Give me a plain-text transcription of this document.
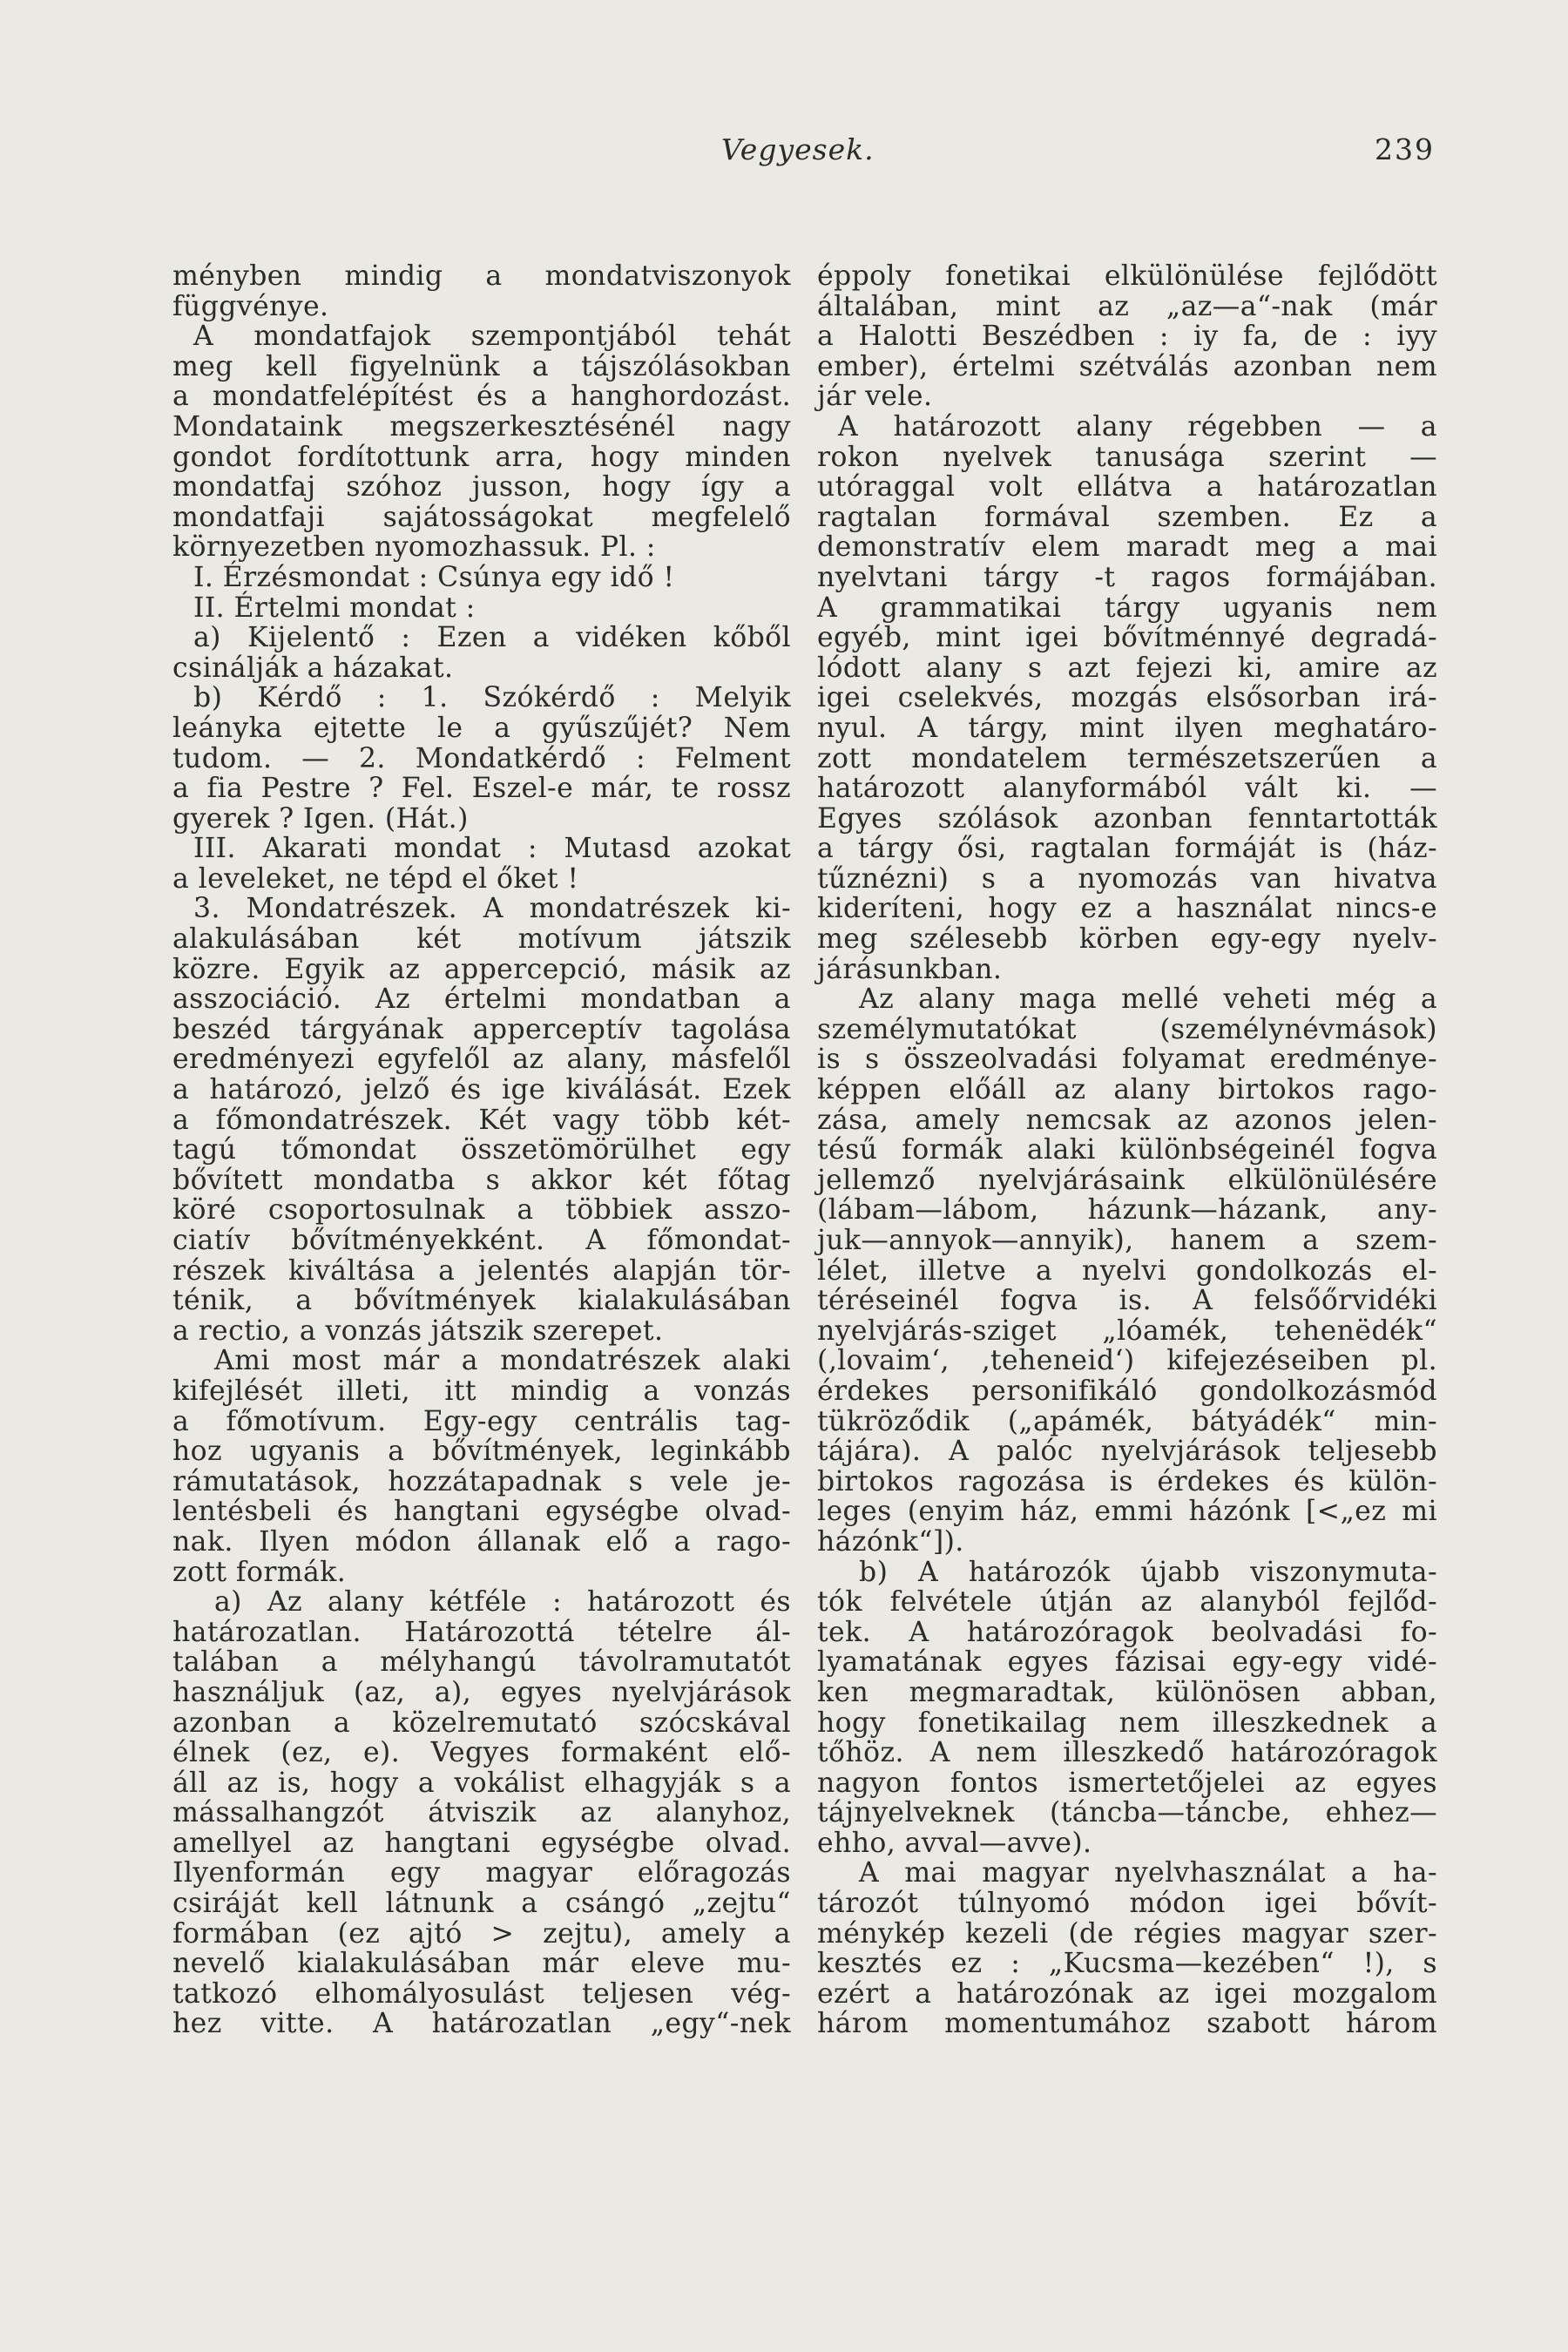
Vegyesek.	239
ményben mindig a mondatviszonyok
függvénye.
A mondatfajok szempontjából tehát
meg kell figyelnünk a tájszólásokban
a mondatfelépítést és a hanghordozást.
Mondataink megszerkesztésénél nagy
gondot fordítottunk arra, hogy minden
mondatfaj szóhoz jusson, hogy így a
mondatfaji sajátosságokat megfelelő
környezetben nyomozhassuk. Pl. :
I. Érzésmondat : Csúnya egy idő !
II. Értelmi mondat :
a) Kijelentő : Ezen a vidéken kőből
csinálják a házakat.
b) Kérdő : 1. Szókérdő : Melyik
leányka ejtette le a gyűszűjét? Nem
tudom. — 2. Mondatkérdő : Felment
a fia Pestre ? Fel. Eszel-e már, te rossz
gyerek ? Igen. (Hát.)
III. Akarati mondat : Mutasd azokat
a leveleket, ne tépd el őket !
3. Mondatrészek. A mondatrészek ki-
alakulásában két motívum játszik
közre. Egyik az appercepció, másik az
asszociáció. Az értelmi mondatban a
beszéd tárgyának apperceptív tagolása
eredményezi egyfelől az alany, másfelől
a határozó, jelző és ige kiválását. Ezek
a főmondatrészek. Két vagy több két-
tagú tőmondat összetömörülhet egy
bővített mondatba s akkor két főtag
köré csoportosulnak a többiek asszo-
ciatív bővítményekként. A főmondat-
részek kiváltása a jelentés alapján tör-
ténik, a bővítmények kialakulásában
a rectio, a vonzás játszik szerepet.
Ami most már a mondatrészek alaki
kifejlését illeti, itt mindig a vonzás
a főmotívum. Egy-egy centrális tag-
hoz ugyanis a bővítmények, leginkább
rámutatások, hozzátapadnak s vele je-
lentésbeli és hangtani egységbe olvad-
nak. Ilyen módon állanak elő a rago-
zott formák.
a) Az alany kétféle : határozott és
határozatlan. Határozottá tételre ál-
talában a mélyhangú távolramutatót
használjuk (az, a), egyes nyelvjárások
azonban a közelremutató szócskával
élnek (ez, e). Vegyes formaként elő-
áll az is, hogy a vokálist elhagyják s a
mássalhangzót átviszik az alanyhoz,
amellyel az hangtani egységbe olvad.
Ilyenformán egy magyar előragozás
csiráját kell látnunk a csángó „zejtu“
formában (ez ajtó > zejtu), amely a
nevelő kialakulásában már eleve mu-
tatkozó elhomályosulást teljesen vég-
hez vitte. A határozatlan „egy“-nek
éppoly fonetikai elkülönülése fejlődött
általában, mint az „az—a“-nak (már
a Halotti Beszédben : iy fa, de : iyy
ember), értelmi szétválás azonban nem
jár vele.
A határozott alany régebben — a
rokon nyelvek tanusága szerint —
utóraggal volt ellátva a határozatlan
ragtalan formával szemben. Ez a
demonstratív elem maradt meg a mai
nyelvtani tárgy -t ragos formájában.
A grammatikai tárgy ugyanis nem
egyéb, mint igei bővítménnyé degradá-
lódott alany s azt fejezi ki, amire az
igei cselekvés, mozgás elsősorban irá-
nyul. A tárgy, mint ilyen meghatáro-
zott mondatelem természetszerűen a
határozott alanyformából vált ki. —
Egyes szólások azonban fenntartották
a tárgy ősi, ragtalan formáját is (ház-
tűznézni) s a nyomozás van hivatva
kideríteni, hogy ez a használat nincs-e
meg szélesebb körben egy-egy nyelv-
járásunkban.
Az alany maga mellé veheti még a
személymutatókat (személynévmások)
is s összeolvadási folyamat eredménye-
képpen előáll az alany birtokos rago-
zása, amely nemcsak az azonos jelen-
tésű formák alaki különbségeinél fogva
jellemző nyelvjárásaink elkülönülésére
(lábam—lábom, házunk—házank, any-
juk—annyok—annyik), hanem a szem-
lélet, illetve a nyelvi gondolkozás el-
téréseinél fogva is. A felsőőrvidéki
nyelvjárás-sziget „lóamék, tehenëdék“
(‚lovaim‘, ‚teheneid‘) kifejezéseiben pl.
érdekes personifikáló gondolkozásmód
tükröződik („apámék, bátyádék“ min-
tájára). A palóc nyelvjárások teljesebb
birtokos ragozása is érdekes és külön-
leges (enyim ház, emmi házónk [<„ez mi
házónk“]).
b) A határozók újabb viszonymuta-
tók felvétele útján az alanyból fejlőd-
tek. A határozóragok beolvadási fo-
lyamatának egyes fázisai egy-egy vidé-
ken megmaradtak, különösen abban,
hogy fonetikailag nem illeszkednek a
tőhöz. A nem illeszkedő határozóragok
nagyon fontos ismertetőjelei az egyes
tájnyelveknek (táncba—táncbe, ehhez—
ehho, avval—avve).
A mai magyar nyelvhasználat a ha-
tározót túlnyomó módon igei bővít-
ménykép kezeli (de régies magyar szer-
kesztés ez : „Kucsma—kezében“ !), s
ezért a határozónak az igei mozgalom
három momentumához szabott három
